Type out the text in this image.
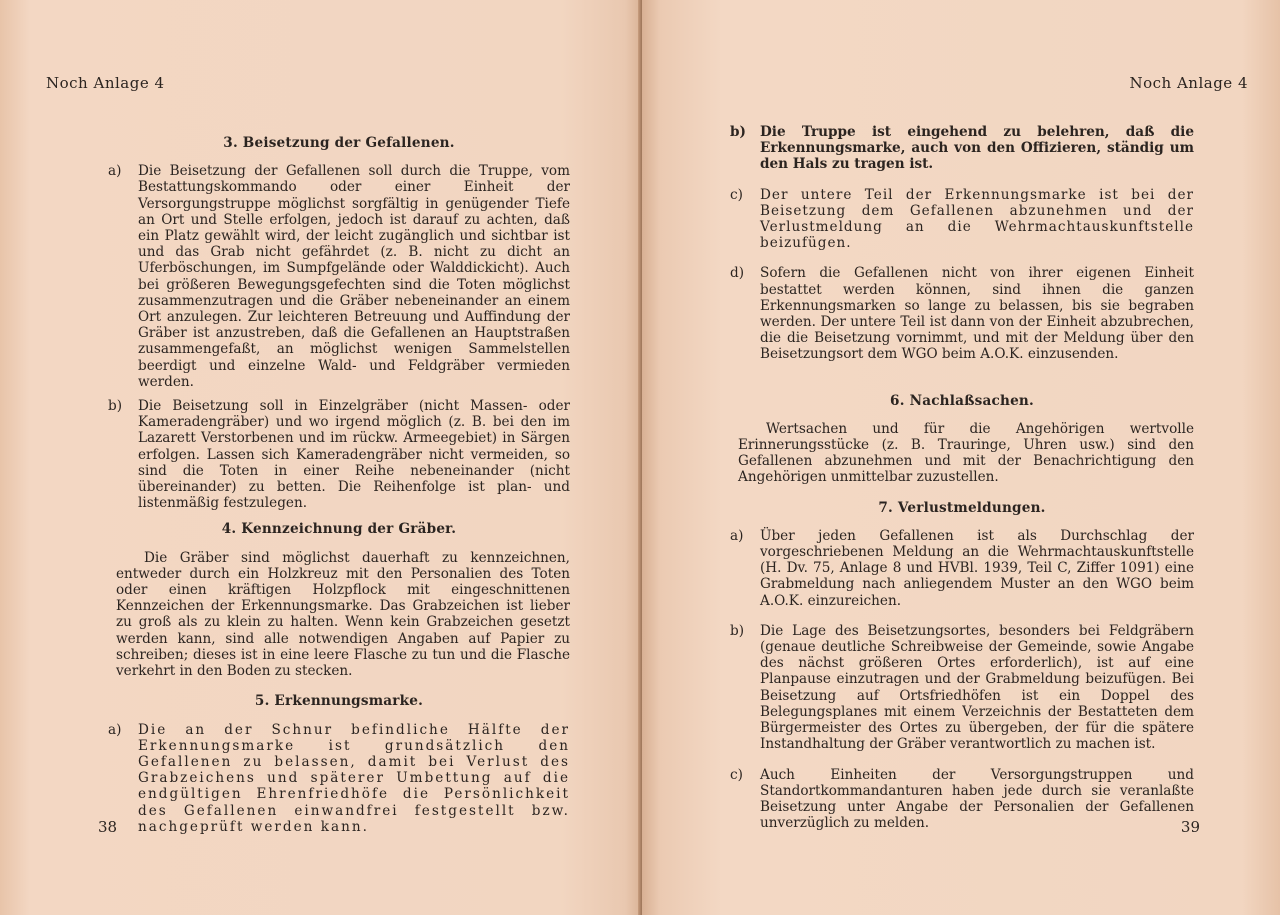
Noch Anlage 4
3. Beisetzung der Gefallenen.
a) Die Beisetzung der Gefallenen soll durch die Truppe, vom Bestattungskommando oder einer Einheit der Versorgungstruppe möglichst sorgfältig in genügender Tiefe an Ort und Stelle erfolgen, jedoch ist darauf zu achten, daß ein Platz gewählt wird, der leicht zugänglich und sichtbar ist und das Grab nicht gefährdet (z. B. nicht zu dicht an Uferböschungen, im Sumpfgelände oder Walddickicht). Auch bei größeren Bewegungsgefechten sind die Toten möglichst zusammenzutragen und die Gräber nebeneinander an einem Ort anzulegen. Zur leichteren Betreuung und Auffindung der Gräber ist anzustreben, daß die Gefallenen an Hauptstraßen zusammengefaßt, an möglichst wenigen Sammelstellen beerdigt und einzelne Wald- und Feldgräber vermieden werden.
b) Die Beisetzung soll in Einzelgräber (nicht Massen- oder Kameradengräber) und wo irgend möglich (z. B. bei den im Lazarett Verstorbenen und im rückw. Armeegebiet) in Särgen erfolgen. Lassen sich Kameradengräber nicht vermeiden, so sind die Toten in einer Reihe nebeneinander (nicht übereinander) zu betten. Die Reihenfolge ist plan- und listenmäßig festzulegen.
4. Kennzeichnung der Gräber.

Die Gräber sind möglichst dauerhaft zu kennzeichnen, entweder durch ein Holzkreuz mit den Personalien des Toten oder einen kräftigen Holzpflock mit eingeschnittenen Kennzeichen der Erkennungsmarke. Das Grabzeichen ist lieber zu groß als zu klein zu halten. Wenn kein Grabzeichen gesetzt werden kann, sind alle notwendigen Angaben auf Papier zu schreiben; dieses ist in eine leere Flasche zu tun und die Flasche verkehrt in den Boden zu stecken.

5. Erkennungsmarke.
a) Die an der Schnur befindliche Hälfte der Erkennungsmarke ist grundsätzlich den Gefallenen zu belassen, damit bei Verlust des Grabzeichens und späterer Umbettung auf die endgültigen Ehrenfriedhöfe die Persönlichkeit des Gefallenen einwandfrei festgestellt bzw. nachgeprüft werden kann.
38
Noch Anlage 4
b) Die Truppe ist eingehend zu belehren, daß die Erkennungsmarke, auch von den Offizieren, ständig um den Hals zu tragen ist.
c) Der untere Teil der Erkennungsmarke ist bei der Beisetzung dem Gefallenen abzunehmen und der Verlustmeldung an die Wehrmachtauskunftstelle beizufügen.
d) Sofern die Gefallenen nicht von ihrer eigenen Einheit bestattet werden können, sind ihnen die ganzen Erkennungsmarken so lange zu belassen, bis sie begraben werden. Der untere Teil ist dann von der Einheit abzubrechen, die die Beisetzung vornimmt, und mit der Meldung über den Beisetzungsort dem WGO beim A.O.K. einzusenden.
6. Nachlaßsachen.

Wertsachen und für die Angehörigen wertvolle Erinnerungsstücke (z. B. Trauringe, Uhren usw.) sind den Gefallenen abzunehmen und mit der Benachrichtigung den Angehörigen unmittelbar zuzustellen.

7. Verlustmeldungen.
a) Über jeden Gefallenen ist als Durchschlag der vorgeschriebenen Meldung an die Wehrmachtauskunftstelle (H. Dv. 75, Anlage 8 und HVBl. 1939, Teil C, Ziffer 1091) eine Grabmeldung nach anliegendem Muster an den WGO beim A.O.K. einzureichen.
b) Die Lage des Beisetzungsortes, besonders bei Feldgräbern (genaue deutliche Schreibweise der Gemeinde, sowie Angabe des nächst größeren Ortes erforderlich), ist auf eine Planpause einzutragen und der Grabmeldung beizufügen. Bei Beisetzung auf Ortsfriedhöfen ist ein Doppel des Belegungsplanes mit einem Verzeichnis der Bestatteten dem Bürgermeister des Ortes zu übergeben, der für die spätere Instandhaltung der Gräber verantwortlich zu machen ist.
c) Auch Einheiten der Versorgungstruppen und Standortkommandanturen haben jede durch sie veranlaßte Beisetzung unter Angabe der Personalien der Gefallenen unverzüglich zu melden.	39
